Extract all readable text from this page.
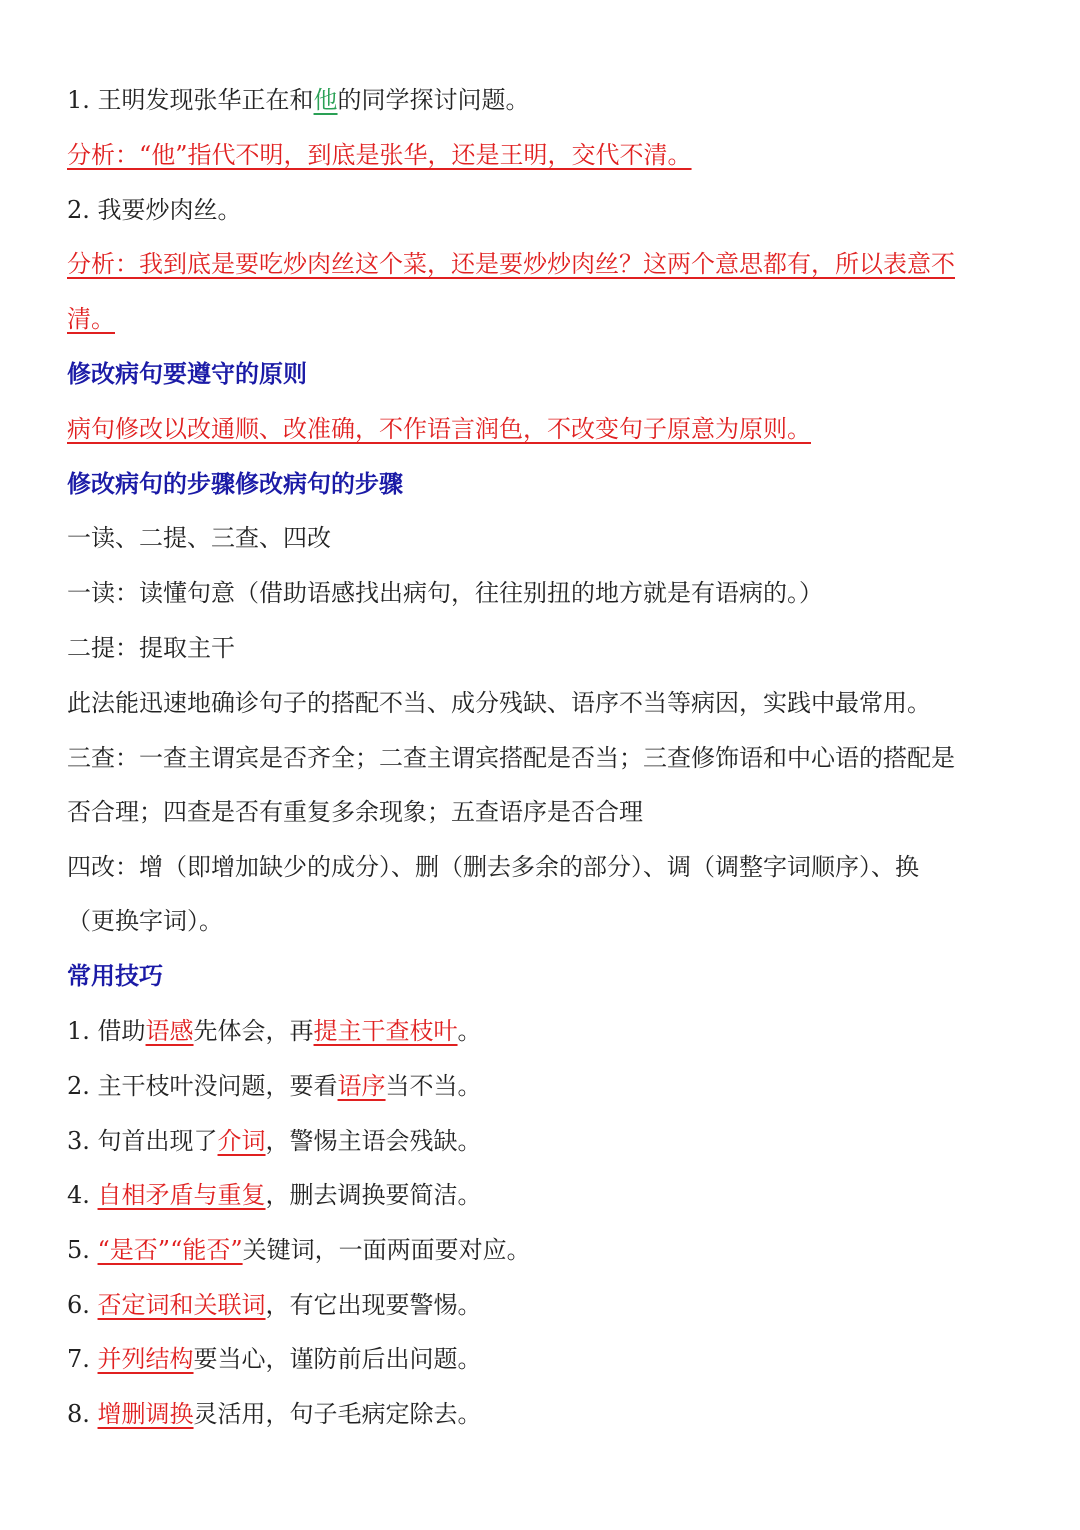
1. 王明发现张华正在和他的同学探讨问题。
分析：“他”指代不明，到底是张华，还是王明，交代不清。
2. 我要炒肉丝。
分析：我到底是要吃炒肉丝这个菜，还是要炒炒肉丝？这两个意思都有，所以表意不
清。
修改病句要遵守的原则
病句修改以改通顺、改准确，不作语言润色，不改变句子原意为原则。
修改病句的步骤修改病句的步骤
一读、二提、三查、四改
一读：读懂句意（借助语感找出病句，往往别扭的地方就是有语病的。）
二提：提取主干
此法能迅速地确诊句子的搭配不当、成分残缺、语序不当等病因，实践中最常用。
三查：一查主谓宾是否齐全；二查主谓宾搭配是否当；三查修饰语和中心语的搭配是
否合理；四查是否有重复多余现象；五查语序是否合理
四改：增（即增加缺少的成分）、删（删去多余的部分）、调（调整字词顺序）、换
（更换字词）。
常用技巧
1. 借助语感先体会，再提主干查枝叶。
2. 主干枝叶没问题，要看语序当不当。
3. 句首出现了介词，警惕主语会残缺。
4. 自相矛盾与重复，删去调换要简洁。
5. “是否”“能否”关键词，一面两面要对应。
6. 否定词和关联词，有它出现要警惕。
7. 并列结构要当心，谨防前后出问题。
8. 增删调换灵活用，句子毛病定除去。
